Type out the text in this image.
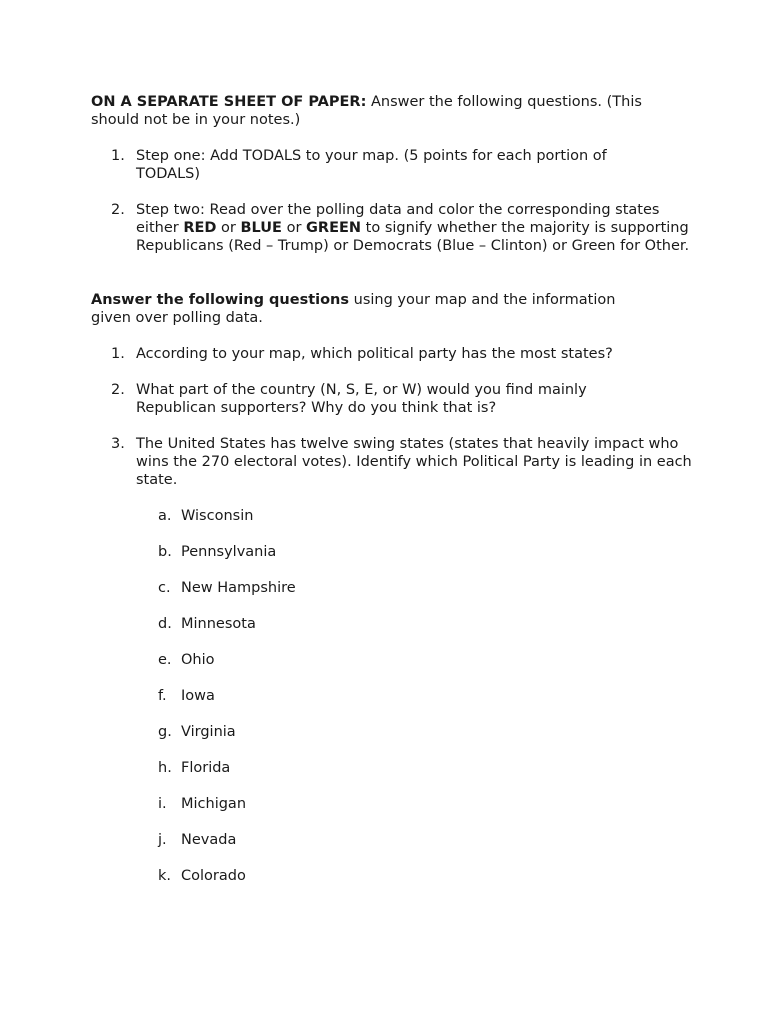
ON A SEPARATE SHEET OF PAPER: Answer the following questions. (This should not be in your notes.)

1. Step one: Add TODALS to your map. (5 points for each portion of TODALS)
2. Step two: Read over the polling data and color the corresponding states either RED or BLUE or GREEN to signify whether the majority is supporting Republicans (Red – Trump) or Democrats (Blue – Clinton) or Green for Other.

Answer the following questions using your map and the information given over polling data.

1. According to your map, which political party has the most states?
2. What part of the country (N, S, E, or W) would you find mainly Republican supporters? Why do you think that is?
3. The United States has twelve swing states (states that heavily impact who wins the 270 electoral votes). Identify which Political Party is leading in each state.
a. Wisconsin
b. Pennsylvania
c. New Hampshire
d. Minnesota
e. Ohio
f. Iowa
g. Virginia
h. Florida
i. Michigan
j. Nevada
k. Colorado
